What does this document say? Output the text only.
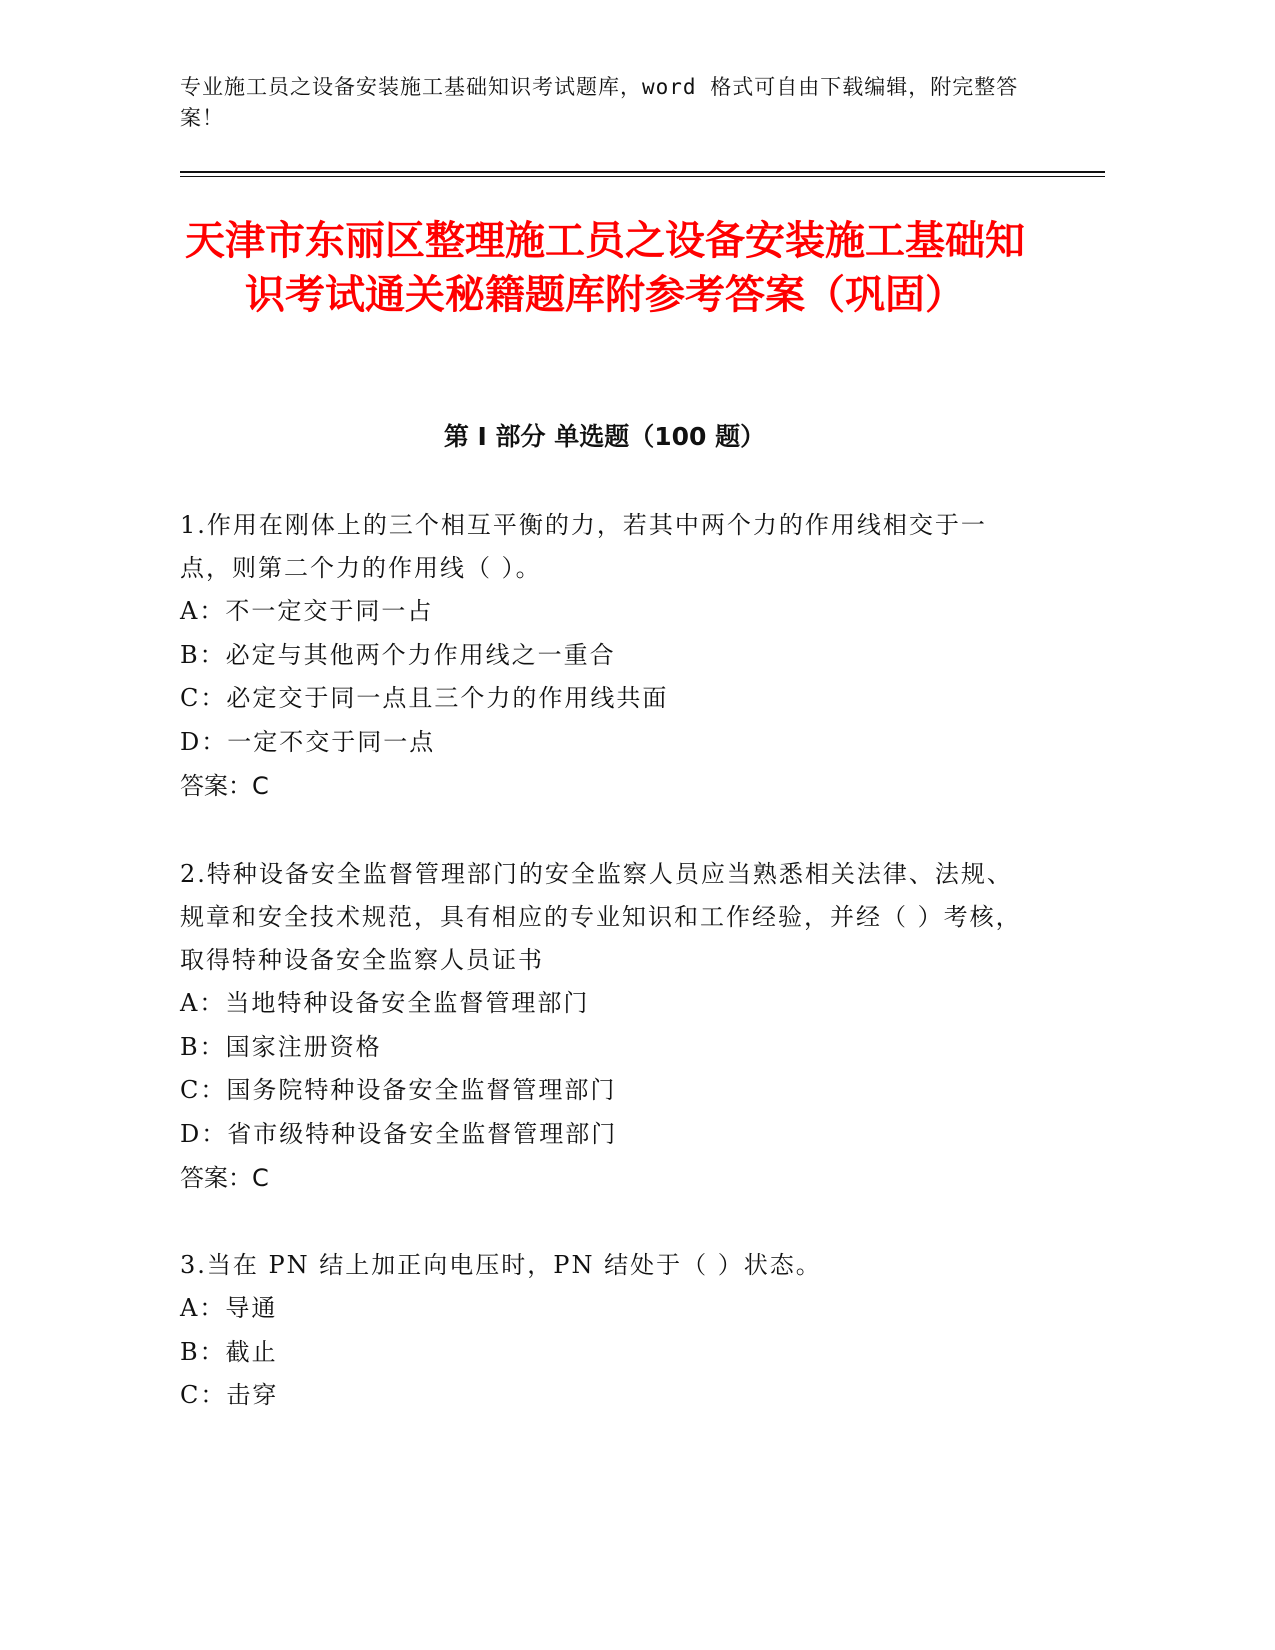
专业施工员之设备安装施工基础知识考试题库，word 格式可自由下载编辑，附完整答案！
天津市东丽区整理施工员之设备安装施工基础知识考试通关秘籍题库附参考答案（巩固）
第 I 部分 单选题（100 题）
1.作用在刚体上的三个相互平衡的力，若其中两个力的作用线相交于一点，则第二个力的作用线（ ）。
A：不一定交于同一占
B：必定与其他两个力作用线之一重合
C：必定交于同一点且三个力的作用线共面
D：一定不交于同一点
答案：C
2.特种设备安全监督管理部门的安全监察人员应当熟悉相关法律、法规、规章和安全技术规范，具有相应的专业知识和工作经验，并经（ ）考核，取得特种设备安全监察人员证书
A：当地特种设备安全监督管理部门
B：国家注册资格
C：国务院特种设备安全监督管理部门
D：省市级特种设备安全监督管理部门
答案：C
3.当在 PN 结上加正向电压时，PN 结处于（ ）状态。
A：导通
B：截止
C：击穿
